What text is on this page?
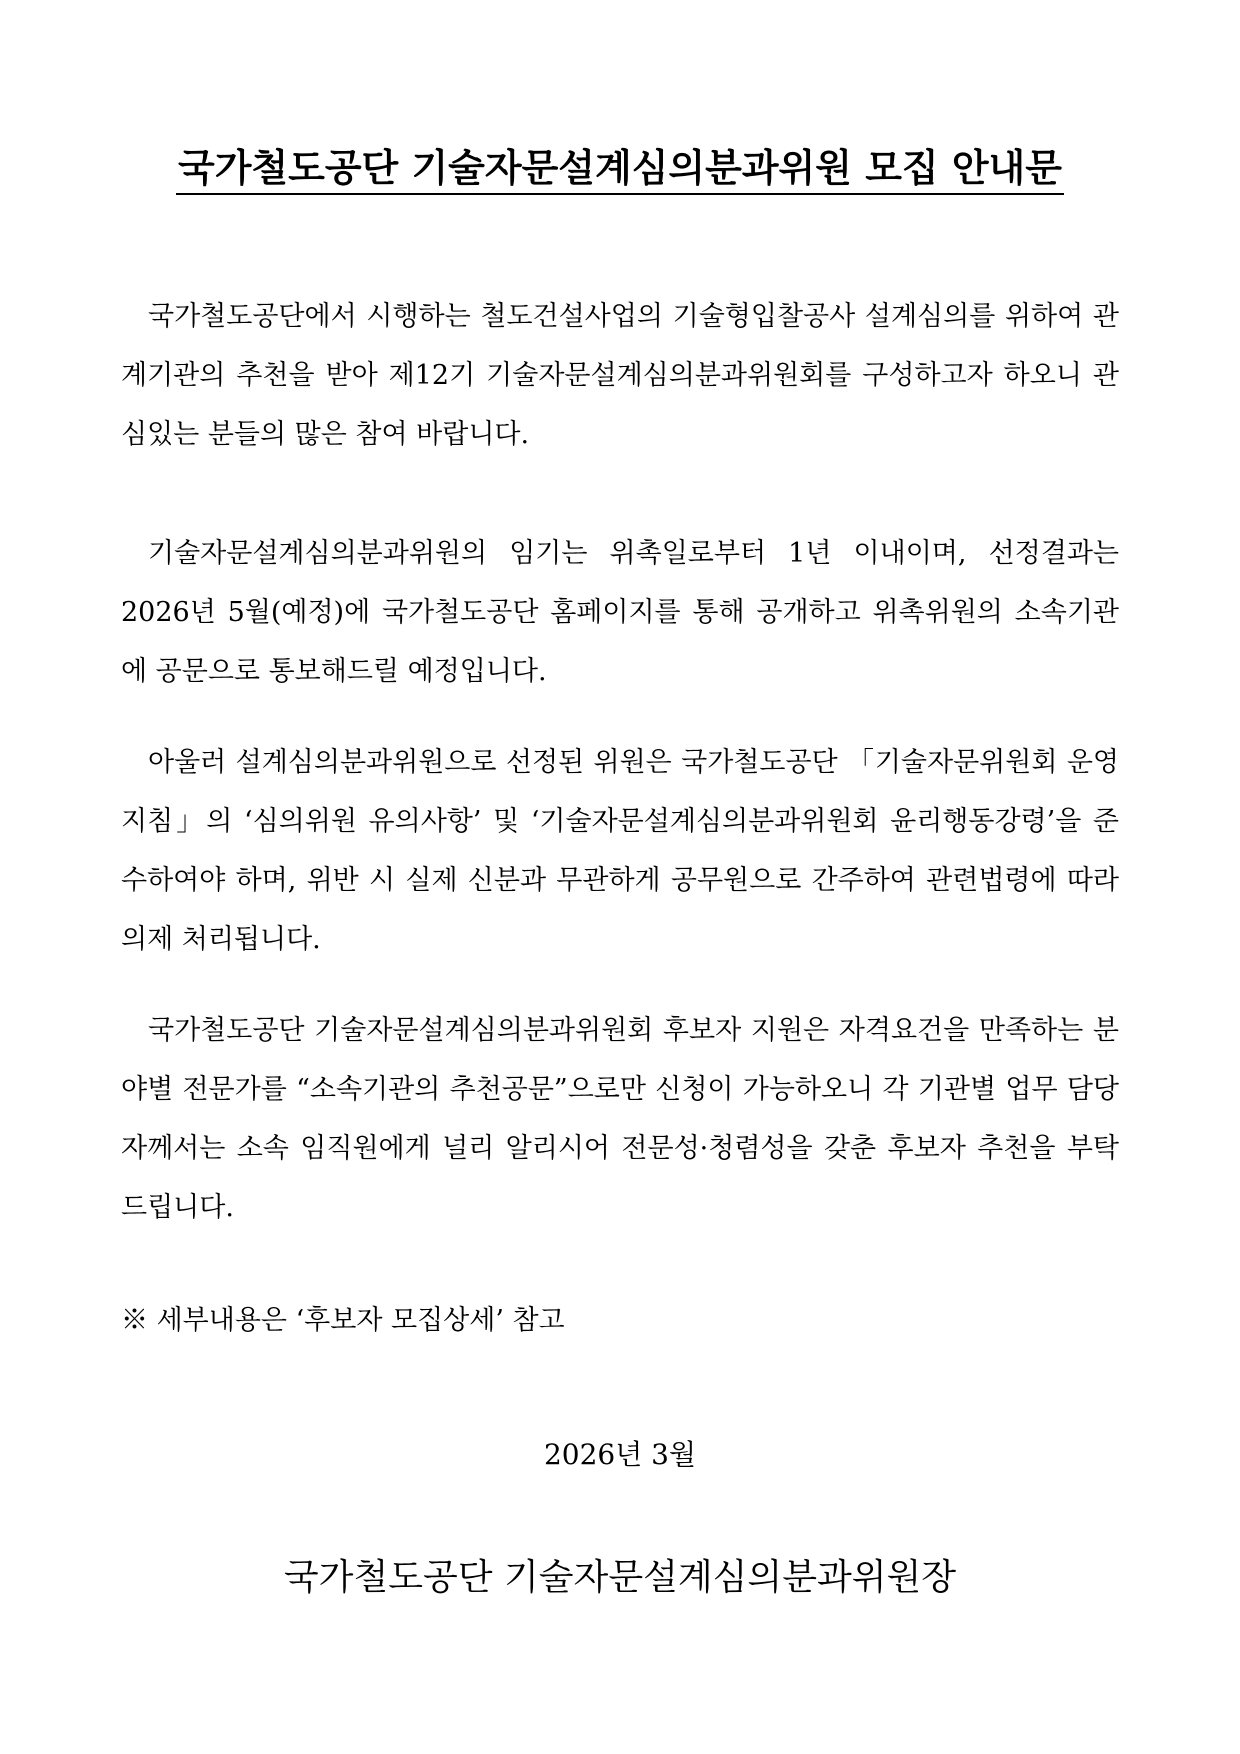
국가철도공단 기술자문설계심의분과위원 모집 안내문

국가철도공단에서 시행하는 철도건설사업의 기술형입찰공사 설계심의를 위하여 관계기관의 추천을 받아 제12기 기술자문설계심의분과위원회를 구성하고자 하오니 관심있는 분들의 많은 참여 바랍니다.

기술자문설계심의분과위원의 임기는 위촉일로부터 1년 이내이며, 선정결과는 2026년 5월(예정)에 국가철도공단 홈페이지를 통해 공개하고 위촉위원의 소속기관에 공문으로 통보해드릴 예정입니다.

아울러 설계심의분과위원으로 선정된 위원은 국가철도공단 「기술자문위원회 운영지침」의 ‘심의위원 유의사항’ 및 ‘기술자문설계심의분과위원회 윤리행동강령’을 준수하여야 하며, 위반 시 실제 신분과 무관하게 공무원으로 간주하여 관련법령에 따라 의제 처리됩니다.

국가철도공단 기술자문설계심의분과위원회 후보자 지원은 자격요건을 만족하는 분야별 전문가를 “소속기관의 추천공문”으로만 신청이 가능하오니 각 기관별 업무 담당자께서는 소속 임직원에게 널리 알리시어 전문성·청렴성을 갖춘 후보자 추천을 부탁드립니다.

※ 세부내용은 ‘후보자 모집상세’ 참고

2026년 3월
국가철도공단 기술자문설계심의분과위원장
